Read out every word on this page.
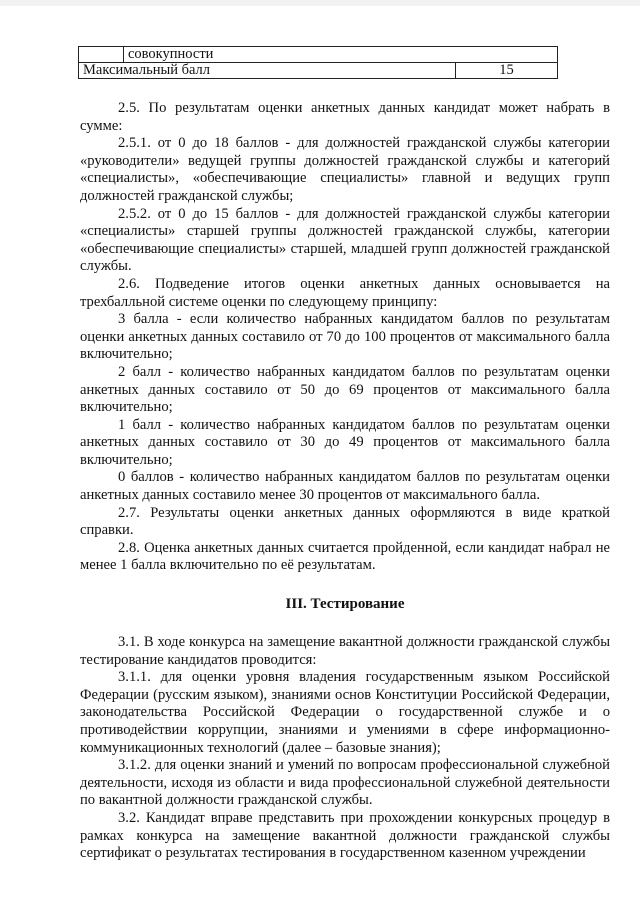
	совокупности	
Максимальный балл		15

2.5. По результатам оценки анкетных данных кандидат может набрать в сумме:

2.5.1. от 0 до 18 баллов - для должностей гражданской службы категории «руководители» ведущей группы должностей гражданской службы и категорий «специалисты», «обеспечивающие специалисты» главной и ведущих групп должностей гражданской службы;

2.5.2. от 0 до 15 баллов - для должностей гражданской службы категории «специалисты» старшей группы должностей гражданской службы, категории «обеспечивающие специалисты» старшей, младшей групп должностей гражданской службы.

2.6. Подведение итогов оценки анкетных данных основывается на трехбалльной системе оценки по следующему принципу:

3 балла - если количество набранных кандидатом баллов по результатам оценки анкетных данных составило от 70 до 100 процентов от максимального балла включительно;

2 балл - количество набранных кандидатом баллов по результатам оценки анкетных данных составило от 50 до 69 процентов от максимального балла включительно;

1 балл - количество набранных кандидатом баллов по результатам оценки анкетных данных составило от 30 до 49 процентов от максимального балла включительно;

0 баллов - количество набранных кандидатом баллов по результатам оценки анкетных данных составило менее 30 процентов от максимального балла.

2.7. Результаты оценки анкетных данных оформляются в виде краткой справки.

2.8. Оценка анкетных данных считается пройденной, если кандидат набрал не менее 1 балла включительно по её результатам.

III. Тестирование

3.1. В ходе конкурса на замещение вакантной должности гражданской службы тестирование кандидатов проводится:

3.1.1. для оценки уровня владения государственным языком Российской Федерации (русским языком), знаниями основ Конституции Российской Федерации, законодательства Российской Федерации о государственной службе и о противодействии коррупции, знаниями и умениями в сфере информационно-коммуникационных технологий (далее – базовые знания);

3.1.2. для оценки знаний и умений по вопросам профессиональной служебной деятельности, исходя из области и вида профессиональной служебной деятельности по вакантной должности гражданской службы.

3.2. Кандидат вправе представить при прохождении конкурсных процедур в рамках конкурса на замещение вакантной должности гражданской службы сертификат о результатах тестирования в государственном казенном учреждении
